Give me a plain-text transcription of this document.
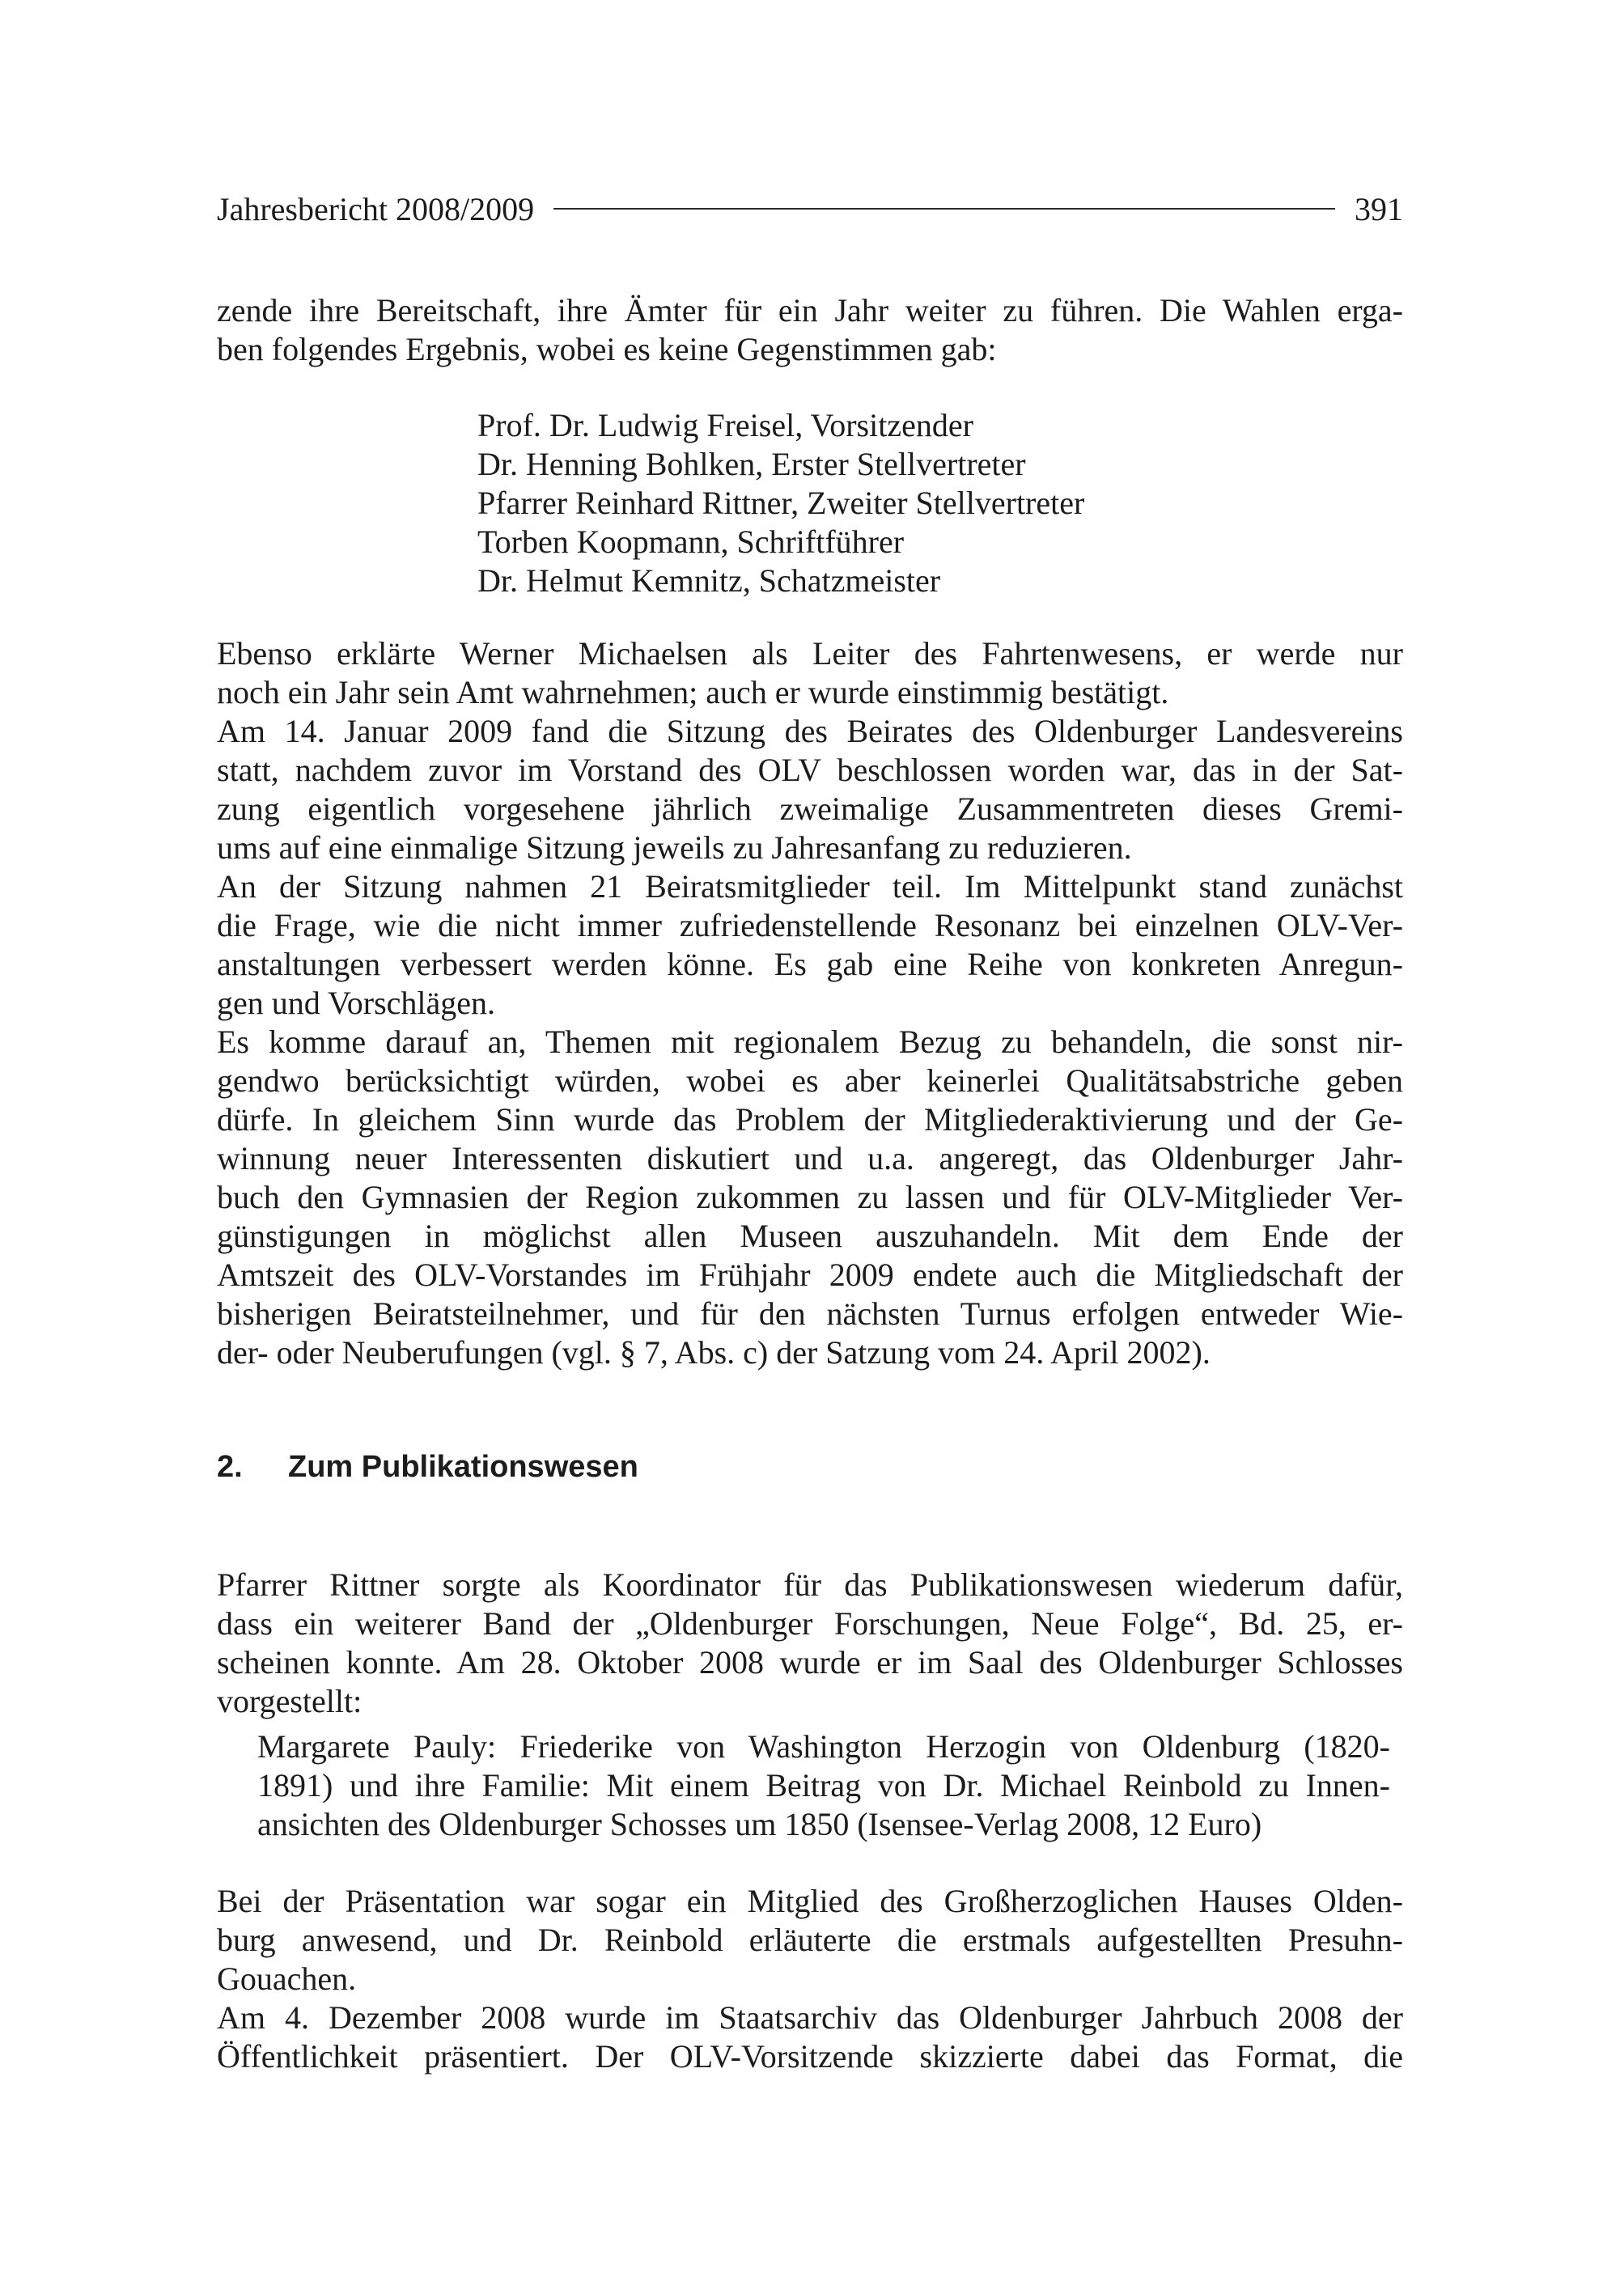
Jahresbericht 2008/2009	391
zende ihre Bereitschaft, ihre Ämter für ein Jahr weiter zu führen. Die Wahlen erga-
ben folgendes Ergebnis, wobei es keine Gegenstimmen gab:
Prof. Dr. Ludwig Freisel, Vorsitzender
Dr. Henning Bohlken, Erster Stellvertreter
Pfarrer Reinhard Rittner, Zweiter Stellvertreter
Torben Koopmann, Schriftführer
Dr. Helmut Kemnitz, Schatzmeister
Ebenso erklärte Werner Michaelsen als Leiter des Fahrtenwesens, er werde nur
noch ein Jahr sein Amt wahrnehmen; auch er wurde einstimmig bestätigt.
Am 14. Januar 2009 fand die Sitzung des Beirates des Oldenburger Landesvereins
statt, nachdem zuvor im Vorstand des OLV beschlossen worden war, das in der Sat-
zung eigentlich vorgesehene jährlich zweimalige Zusammentreten dieses Gremi-
ums auf eine einmalige Sitzung jeweils zu Jahresanfang zu reduzieren.
An der Sitzung nahmen 21 Beiratsmitglieder teil. Im Mittelpunkt stand zunächst
die Frage, wie die nicht immer zufriedenstellende Resonanz bei einzelnen OLV-Ver-
anstaltungen verbessert werden könne. Es gab eine Reihe von konkreten Anregun-
gen und Vorschlägen.
Es komme darauf an, Themen mit regionalem Bezug zu behandeln, die sonst nir-
gendwo berücksichtigt würden, wobei es aber keinerlei Qualitätsabstriche geben
dürfe. In gleichem Sinn wurde das Problem der Mitgliederaktivierung und der Ge-
winnung neuer Interessenten diskutiert und u.a. angeregt, das Oldenburger Jahr-
buch den Gymnasien der Region zukommen zu lassen und für OLV-Mitglieder Ver-
günstigungen in möglichst allen Museen auszuhandeln. Mit dem Ende der
Amtszeit des OLV-Vorstandes im Frühjahr 2009 endete auch die Mitgliedschaft der
bisherigen Beiratsteilnehmer, und für den nächsten Turnus erfolgen entweder Wie-
der- oder Neuberufungen (vgl. § 7, Abs. c) der Satzung vom 24. April 2002).
2. Zum Publikationswesen
Pfarrer Rittner sorgte als Koordinator für das Publikationswesen wiederum dafür,
dass ein weiterer Band der „Oldenburger Forschungen, Neue Folge“, Bd. 25, er-
scheinen konnte. Am 28. Oktober 2008 wurde er im Saal des Oldenburger Schlosses
vorgestellt:
Margarete Pauly: Friederike von Washington Herzogin von Oldenburg (1820-
1891) und ihre Familie: Mit einem Beitrag von Dr. Michael Reinbold zu Innen-
ansichten des Oldenburger Schosses um 1850 (Isensee-Verlag 2008, 12 Euro)
Bei der Präsentation war sogar ein Mitglied des Großherzoglichen Hauses Olden-
burg anwesend, und Dr. Reinbold erläuterte die erstmals aufgestellten Presuhn-
Gouachen.
Am 4. Dezember 2008 wurde im Staatsarchiv das Oldenburger Jahrbuch 2008 der
Öffentlichkeit präsentiert. Der OLV-Vorsitzende skizzierte dabei das Format, die
